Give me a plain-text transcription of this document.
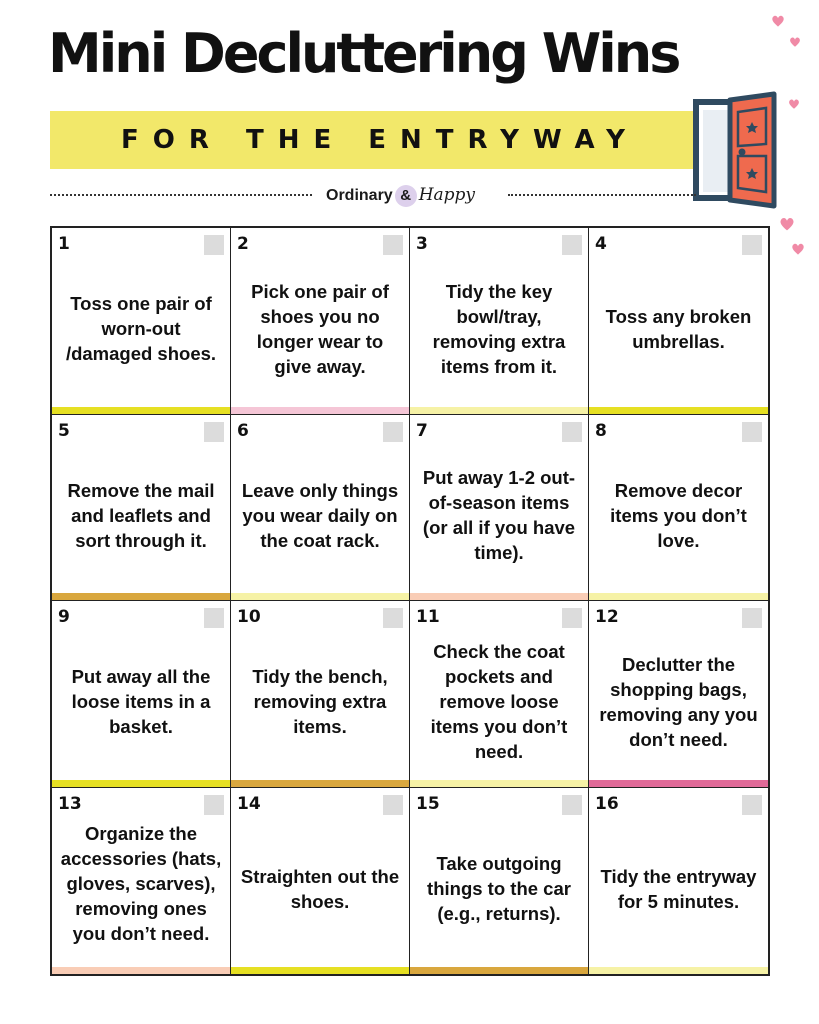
Mini Decluttering Wins
FOR THE ENTRYWAY
Ordinary & Happy
1
Toss one pair of worn-out /damaged shoes.
2
Pick one pair of shoes you no longer wear to give away.
3
Tidy the key bowl/tray, removing extra items from it.
4
Toss any broken umbrellas.
5
Remove the mail and leaflets and sort through it.
6
Leave only things you wear daily on the coat rack.
7
Put away 1-2 out-of-season items (or all if you have time).
8
Remove decor items you don’t love.
9
Put away all the loose items in a basket.
10
Tidy the bench, removing extra items.
11
Check the coat pockets and remove loose items you don’t need.
12
Declutter the shopping bags, removing any you don’t need.
13
Organize the accessories (hats, gloves, scarves), removing ones you don’t need.
14
Straighten out the shoes.
15
Take outgoing things to the car (e.g., returns).
16
Tidy the entryway for 5 minutes.
